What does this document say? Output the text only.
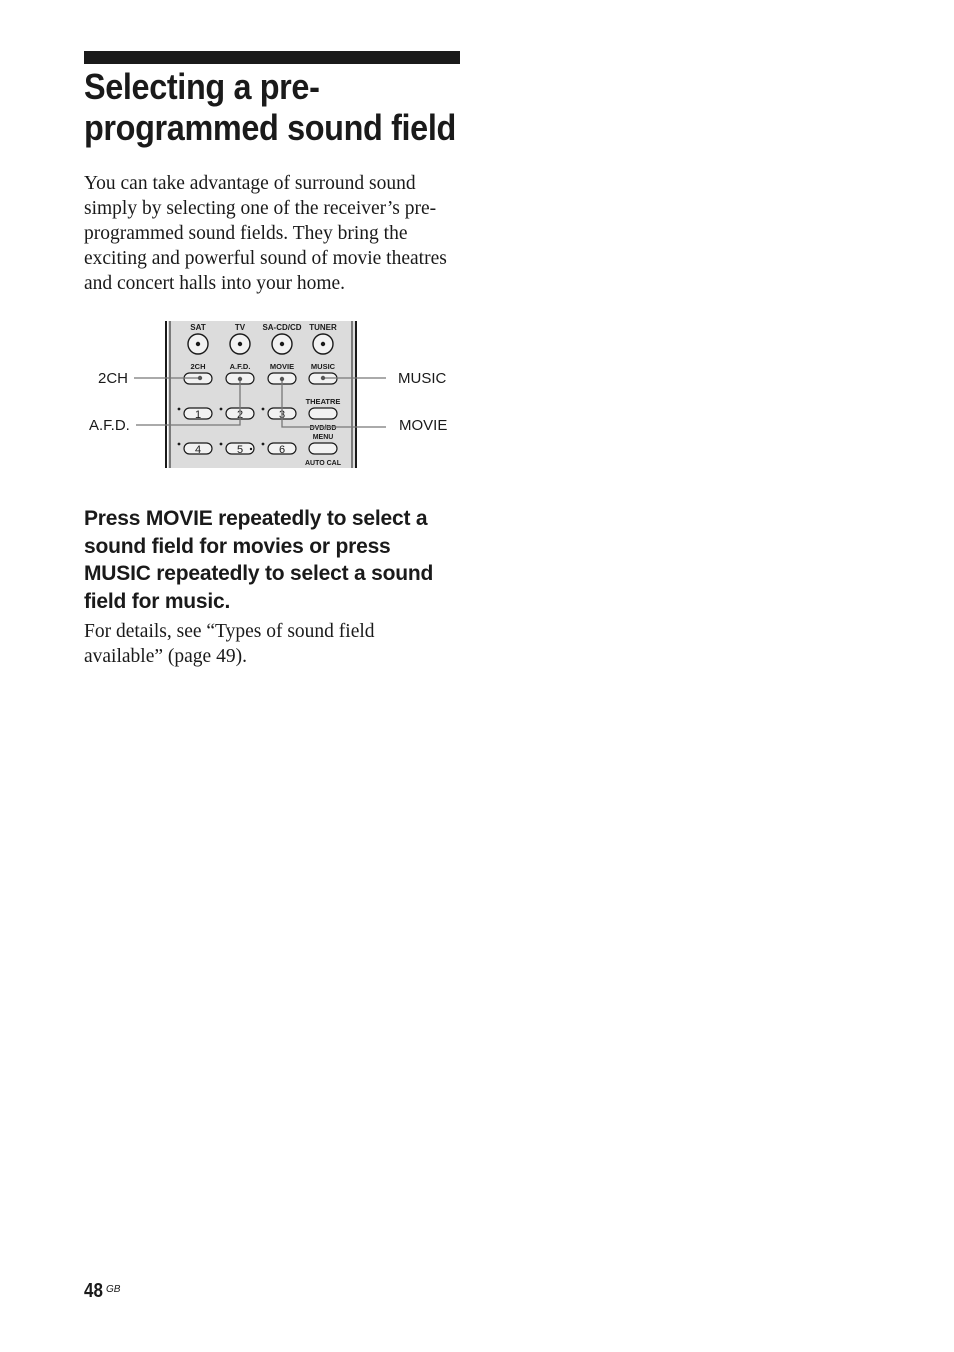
Selecting a pre-
programmed sound field

You can take advantage of surround sound
simply by selecting one of the receiver’s pre-
programmed sound fields. They bring the
exciting and powerful sound of movie theatres
and concert halls into your home.

SAT	TV SA-CD/CD TUNER
2CH	A.F.D.	MOVIE MUSIC
THEATRE
1	2	3
DVD/BD
MENU
AUTO CAL
4	5	6
2CH
A.F.D.
MUSIC
MOVIE
Press MOVIE repeatedly to select a
sound field for movies or press
MUSIC repeatedly to select a sound
field for music.

For details, see “Types of sound field
available” (page 49).

48 GB
